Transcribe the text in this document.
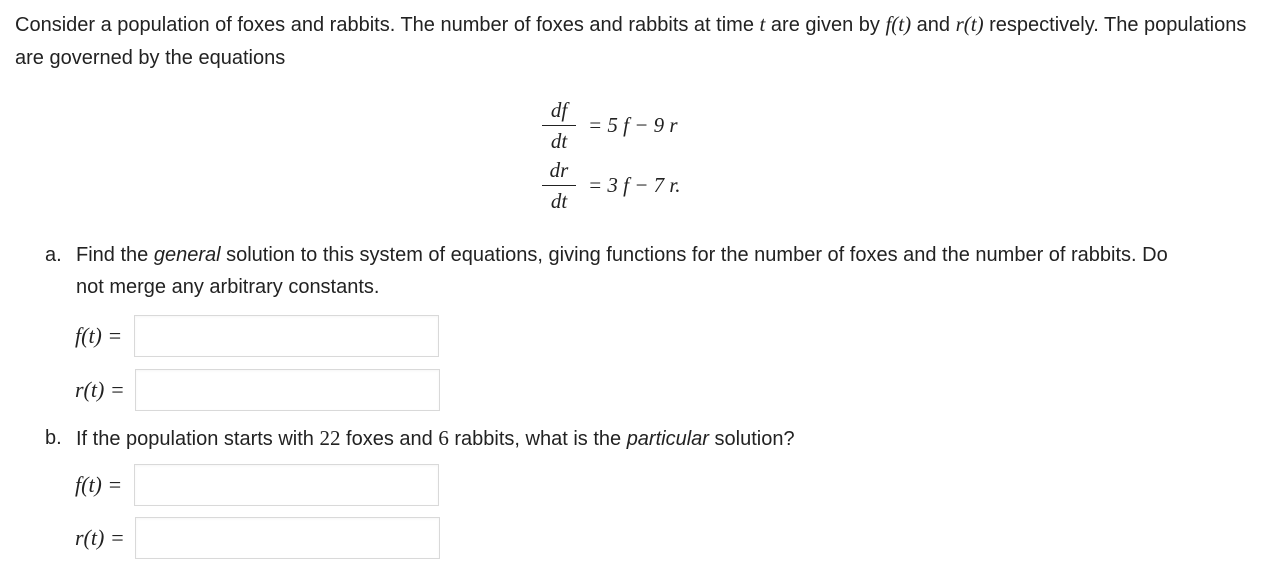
Consider a population of foxes and rabbits. The number of foxes and rabbits at time t are given by f(t) and r(t) respectively. The populations are governed by the equations

$\frac{df}{dt} = 5$ f − 9 r
$\frac{dr}{dt} = 3$ f − 7 r.
a. Find the general solution to this system of equations, giving functions for the number of foxes and the number of rabbits. Do not merge any arbitrary constants.
f(t) =
r(t) =
b. If the population starts with 22 foxes and 6 rabbits, what is the particular solution?
f(t) =
r(t) =
